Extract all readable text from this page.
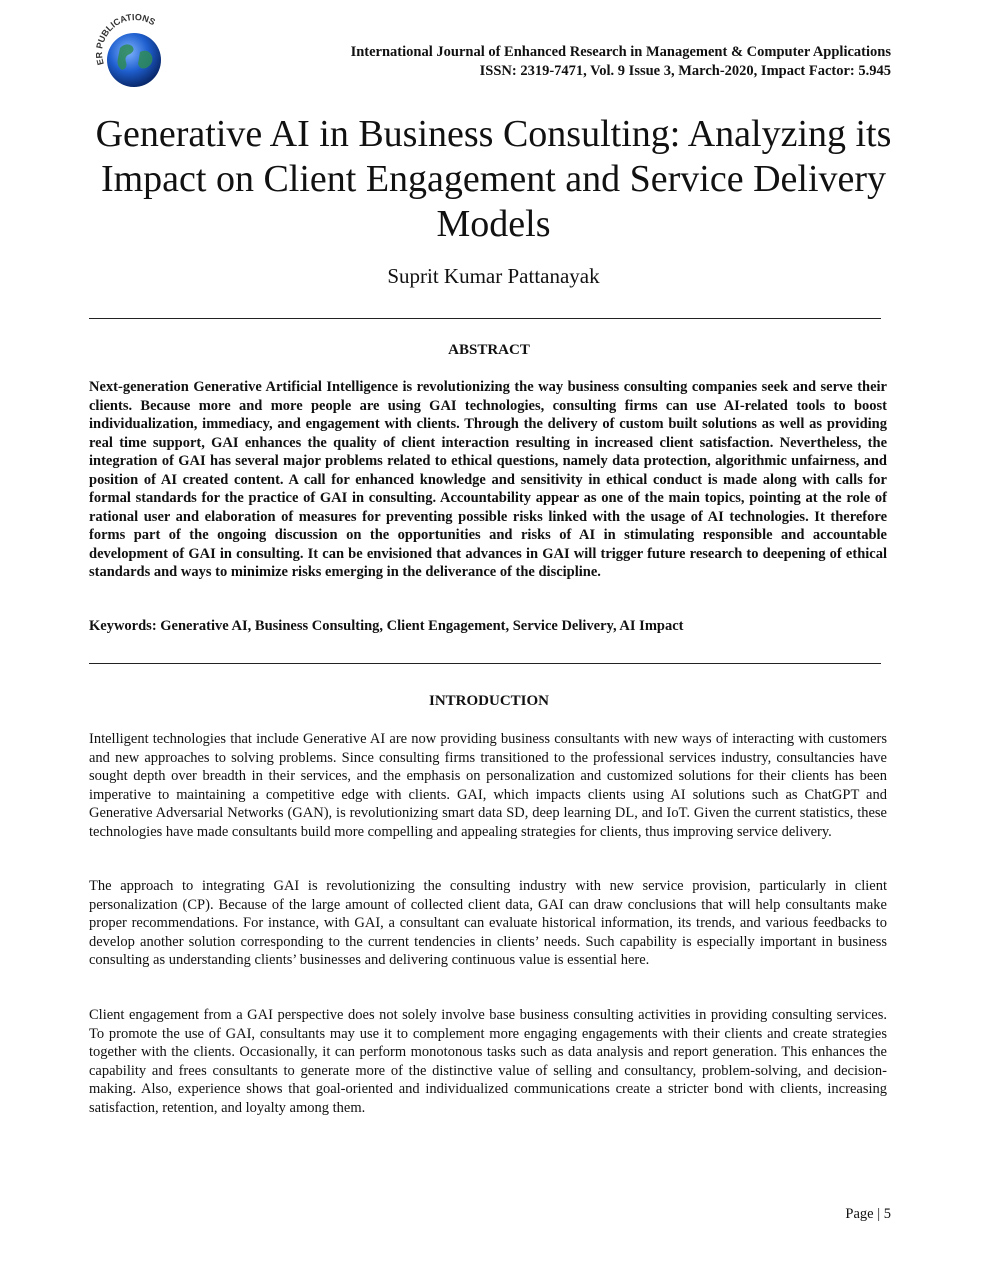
ER PUBLICATIONS
International Journal of Enhanced Research in Management & Computer Applications
ISSN: 2319-7471, Vol. 9 Issue 3, March-2020, Impact Factor: 5.945
Generative AI in Business Consulting: Analyzing its Impact on Client Engagement and Service Delivery Models
Suprit Kumar Pattanayak
ABSTRACT

Next-generation Generative Artificial Intelligence is revolutionizing the way business consulting companies seek and serve their clients. Because more and more people are using GAI technologies, consulting firms can use AI-related tools to boost individualization, immediacy, and engagement with clients. Through the delivery of custom built solutions as well as providing real time support, GAI enhances the quality of client interaction resulting in increased client satisfaction. Nevertheless, the integration of GAI has several major problems related to ethical questions, namely data protection, algorithmic unfairness, and position of AI created content. A call for enhanced knowledge and sensitivity in ethical conduct is made along with calls for formal standards for the practice of GAI in consulting. Accountability appear as one of the main topics, pointing at the role of rational user and elaboration of measures for preventing possible risks linked with the usage of AI technologies. It therefore forms part of the ongoing discussion on the opportunities and risks of AI in stimulating responsible and accountable development of GAI in consulting. It can be envisioned that advances in GAI will trigger future research to deepening of ethical standards and ways to minimize risks emerging in the deliverance of the discipline.

Keywords: Generative AI, Business Consulting, Client Engagement, Service Delivery, AI Impact

INTRODUCTION

Intelligent technologies that include Generative AI are now providing business consultants with new ways of interacting with customers and new approaches to solving problems. Since consulting firms transitioned to the professional services industry, consultancies have sought depth over breadth in their services, and the emphasis on personalization and customized solutions for their clients has been imperative to maintaining a competitive edge with clients. GAI, which impacts clients using AI solutions such as ChatGPT and Generative Adversarial Networks (GAN), is revolutionizing smart data SD, deep learning DL, and IoT. Given the current statistics, these technologies have made consultants build more compelling and appealing strategies for clients, thus improving service delivery.

The approach to integrating GAI is revolutionizing the consulting industry with new service provision, particularly in client personalization (CP). Because of the large amount of collected client data, GAI can draw conclusions that will help consultants make proper recommendations. For instance, with GAI, a consultant can evaluate historical information, its trends, and various feedbacks to develop another solution corresponding to the current tendencies in clients’ needs. Such capability is especially important in business consulting as understanding clients’ businesses and delivering continuous value is essential here.

Client engagement from a GAI perspective does not solely involve base business consulting activities in providing consulting services. To promote the use of GAI, consultants may use it to complement more engaging engagements with their clients and create strategies together with the clients. Occasionally, it can perform monotonous tasks such as data analysis and report generation. This enhances the capability and frees consultants to generate more of the distinctive value of selling and consultancy, problem-solving, and decision-making. Also, experience shows that goal-oriented and individualized communications create a stricter bond with clients, increasing satisfaction, retention, and loyalty among them.

Page | 5
